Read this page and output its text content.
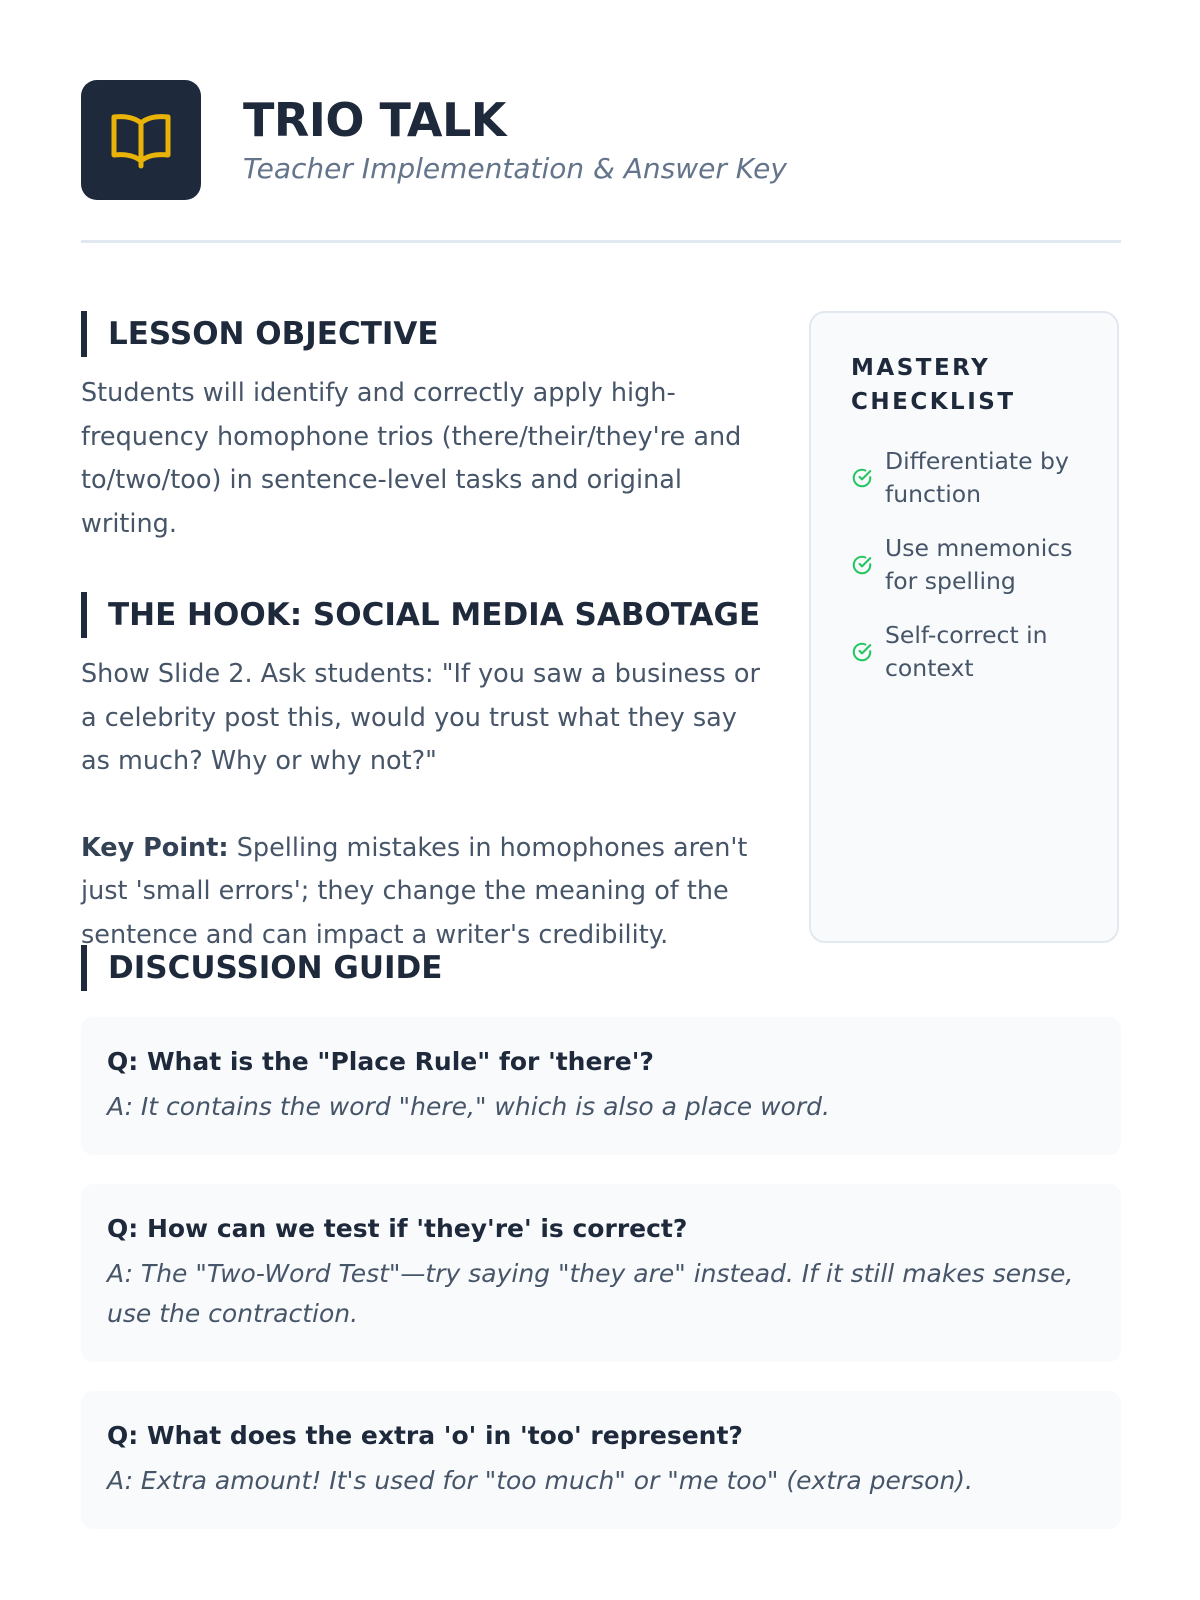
TRIO TALK
Teacher Implementation & Answer Key
LESSON OBJECTIVE

Students will identify and correctly apply high-frequency homophone trios (there/their/they're and to/two/too) in sentence-level tasks and original writing.

THE HOOK: SOCIAL MEDIA SABOTAGE

Show Slide 2. Ask students: "If you saw a business or a celebrity post this, would you trust what they say as much? Why or why not?"

Key Point: Spelling mistakes in homophones aren't just 'small errors'; they change the meaning of the sentence and can impact a writer's credibility.

MASTERY CHECKLIST
Differentiate by function
Use mnemonics for spelling
Self-correct in context
DISCUSSION GUIDE

Q: What is the "Place Rule" for 'there'?

A: It contains the word "here," which is also a place word.

Q: How can we test if 'they're' is correct?

A: The "Two-Word Test"—try saying "they are" instead. If it still makes sense, use the contraction.

Q: What does the extra 'o' in 'too' represent?

A: Extra amount! It's used for "too much" or "me too" (extra person).
